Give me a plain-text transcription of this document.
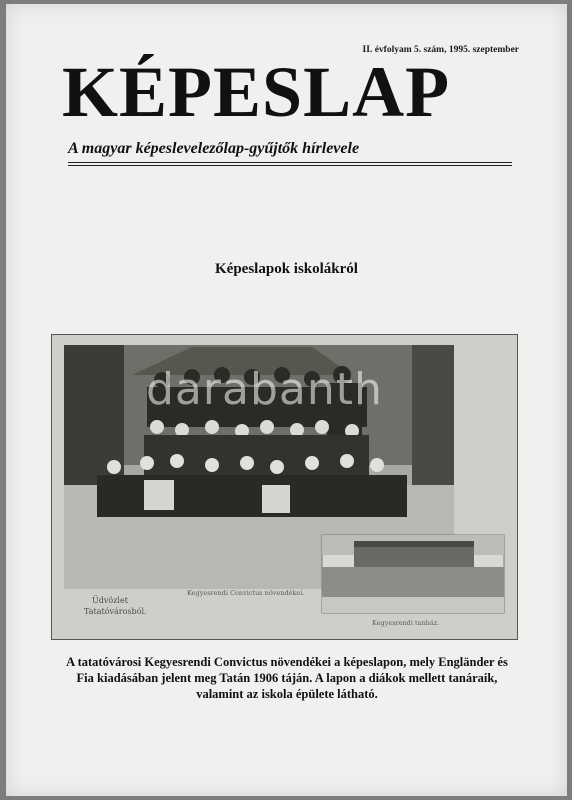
II. évfolyam 5. szám, 1995. szeptember
KÉPESLAP
A magyar képeslevelezőlap-gyűjtők hírlevele
Képeslapok iskolákról
Üdvözlet
Tatatóvárosból.
Kegyesrendi Convictus növendékei.
Kegyesrendi tanház.
darabanth
A tatatóvárosi Kegyesrendi Convictus növendékei a képeslapon, mely Engländer és Fia kiadásában jelent meg Tatán 1906 táján. A lapon a diákok mellett tanáraik, valamint az iskola épülete látható.
